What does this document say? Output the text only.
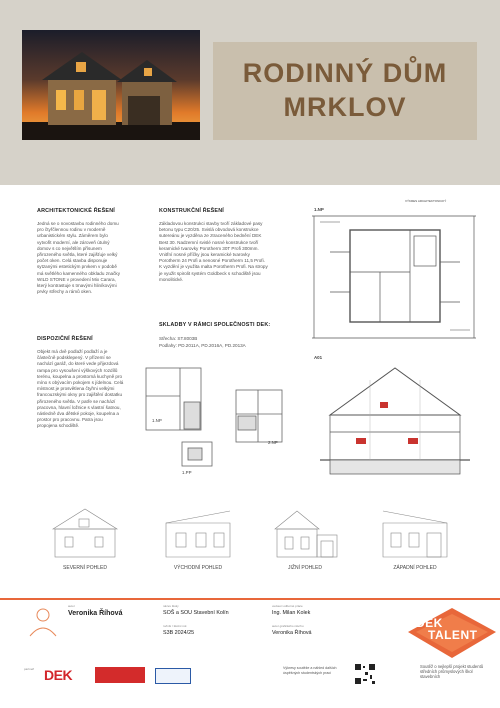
RODINNÝ DŮM
MRKLOV
ARCHITEKTONICKÉ ŘEŠENÍ
Jedná se o novostavbu rodinného domu pro čtyřčlennou rodinu v moderně urbanistickém stylu. Záměrem bylo vytvořit moderní, ale zároveň útulný domov s co největším přísunem přirozeného světla, které zajišťuje velký počet oken. Celá stavba disponuje sytzanými estetickým prvkem v podobě má světlého kamenného obkladu značky WILD STONE v provedení Mix Carara, který kontrastuje s tmavými hliníkovými prvky střechy a rámů oken.
DISPOZIČNÍ ŘEŠENÍ
Objekt má dvě podlaží podlaží a je částečně podsklepený. V přízemí se nachází garáž, do které vede přijezdová rampa pro vysoušení výškových rozdílů terénu, koupelna a prostorná kuchyně pro míno s obývacím pokojem s jídelnou. Celá místnost je prosvětlena čtyřmi velkými francouzskými okny pro zajištění dostatku přirozeného světla. V patře se nachází pracovna, hlavní ložnice s vlastní šatnou, následně dva dětské pokoje, koupelna a prostor pro pracovnu. Patra jsou propojena schodiště.
KONSTRUKČNÍ ŘEŠENÍ
Základovou konstrukci stavby tvoří základové pasy betonu typu C20/25. Svislá obvodová konstrukce sutereánu je vyzděna ze ztraceného bednění DEK Best 30. Nadzemní svislé nosné konstrukce tvoří keramické tvarovky Porotherm 30T Profi 300mm. Vnitřní nosné příčky jsou keramické tvarovky Porotherm 24 Profi a nenosné Porotherm 11,5 Profi. K vyzdění je využita malta Porotherm Profi. Na stropy je využit spirolit systém Goldbeck s schodiště jsou monolitické.
SKLADBY V RÁMCI SPOLEČNOSTI DEK:
Střecha: ST.8003B
Podlahy: PD.2011A, PD.2016A, PD.2013A
1.NP
2.NP
1.PP
1.NP
VÝKRES ARCHITEKTONICKÝ
A01
SEVERNÍ POHLED	VÝCHODNÍ POHLED	JIŽNÍ POHLED	ZÁPADNÍ POHLED
autor
Veronika Říhová
název školy
SOŠ a SOU Stavební Kolín
vedoucí odborné práce
Ing. Milan Kolek
ročník / školní rok
S3B 2024/25
autor grafického návrhu
Veronika Říhová
partneři DEK	Výkresy soutěže a náhled dalších úspěšných studentských prací
DEK
TALENT
Soutěž o nejlepší projekt studentů středních průmyslových škol stavebních
